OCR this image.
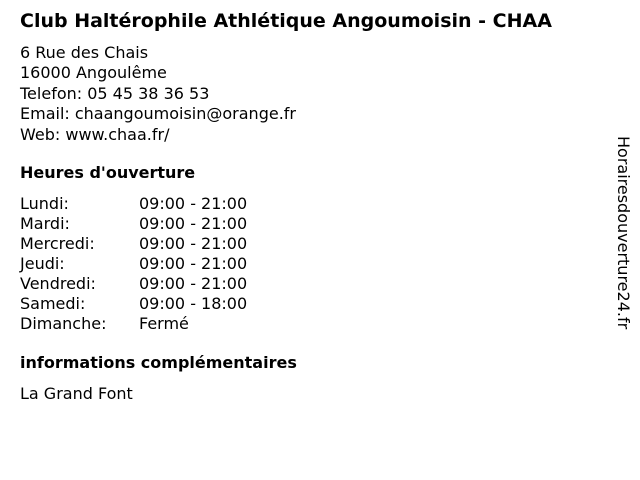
Club Haltérophile Athlétique Angoumoisin - CHAA
6 Rue des Chais
16000 Angoulême
Telefon: 05 45 38 36 53
Email: chaangoumoisin@orange.fr
Web: www.chaa.fr/
Heures d'ouverture
Lundi:	09:00 - 21:00
Mardi:	09:00 - 21:00
Mercredi:	09:00 - 21:00
Jeudi:	09:00 - 21:00
Vendredi:	09:00 - 21:00
Samedi:	09:00 - 18:00
Dimanche: Fermé
informations complémentaires
La Grand Font
Horairesdouverture24.fr
